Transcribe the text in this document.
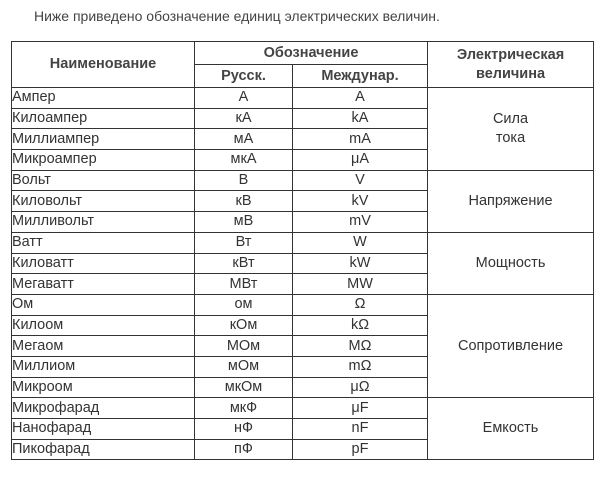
Ниже приведено обозначение единиц электрических величин.
Наименование	Обозначение		Электрическая
величина

	Русск.	Междунар.	
Ампер	А	A	Сила
тока

Килоампер	кА	kA	
Миллиампер	мА	mA	
Микроампер	мкА	μA	
Вольт	В	V	Напряжение

Киловольт	кВ	kV	
Милливольт	мВ	mV	
Ватт	Вт	W	Мощность

Киловатт	кВт	kW	
Мегаватт	МВт	MW	
Ом	ом	Ω	Сопротивление

Килоом	кОм	kΩ	
Мегаом	МОм	MΩ	
Миллиом	мОм	mΩ	
Микроом	мкОм	μΩ	
Микрофарад	мкФ	μF	Емкость

Нанофарад	нФ	nF	
Пикофарад	пФ	pF	
